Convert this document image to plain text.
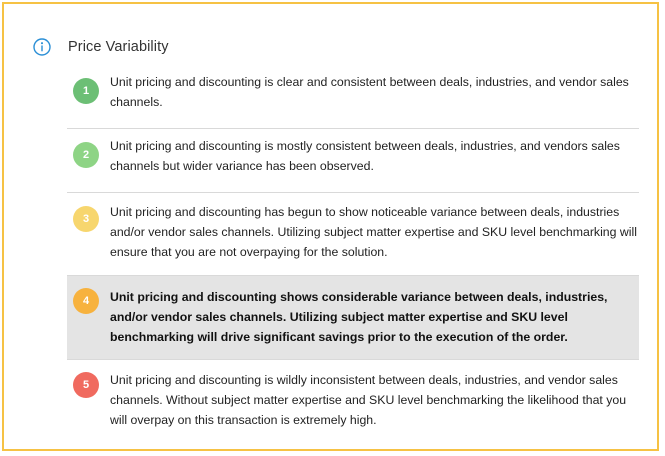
Price Variability
1
Unit pricing and discounting is clear and consistent between deals, industries, and vendor sales channels.
2
Unit pricing and discounting is mostly consistent between deals, industries, and vendors sales channels but wider variance has been observed.
3	Unit pricing and discounting has begun to show noticeable variance between deals, industries and/or vendor sales channels. Utilizing subject matter expertise and SKU level benchmarking will ensure that you are not overpaying for the solution.
4	Unit pricing and discounting shows considerable variance between deals, industries, and/or vendor sales channels. Utilizing subject matter expertise and SKU level benchmarking will drive significant savings prior to the execution of the order.
5	Unit pricing and discounting is wildly inconsistent between deals, industries, and vendor sales channels. Without subject matter expertise and SKU level benchmarking the likelihood that you will overpay on this transaction is extremely high.
